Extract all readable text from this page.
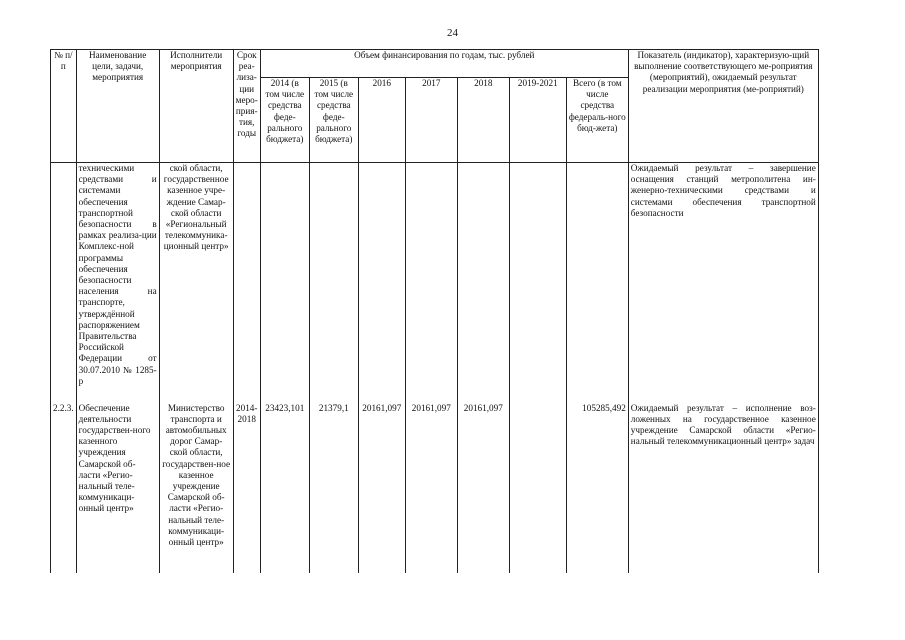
24
№ п/п	Наименование цели, задачи, мероприятия	Исполнители мероприятия	Срок реа-лиза-ции меро-прия-тия, годы	Объем финансирования по годам, тыс. рублей							Показатель (индикатор), характеризую-щий выполнение соответствующего ме-роприятия (мероприятий), ожидаемый результат реализации мероприятия (ме-роприятий)
				2014 (в том числе средства феде-рального бюджета)	2015 (в том числе средства феде-рального бюджета)	2016	2017	2018	2019-2021	Всего (в том числе средства федераль-ного бюд-жета)	
	техническими средствами и системами обеспечения транспортной безопасности в рамках реализа-ции Комплекс-ной программы обеспечения безопасности населения на транспорте, утверждённой распоряжением Правительства Российской Федерации от 30.07.2010 № 1285-р	ской области, государственное казенное учре-ждение Самар-ской области «Региональный телекоммуника-ционный центр»									Ожидаемый результат – завершение оснащения станций метрополитена ин-женерно-техническими средствами и системами обеспечения транспортной безопасности
2.2.3.	Обеспечение деятельности государствен-ного казенного учреждения Самарской об-ласти «Регио-нальный теле-коммуникаци-онный центр»	Министерство транспорта и автомобильных дорог Самар-ской области, государствен-ное казенное учреждение Самарской об-ласти «Регио-нальный теле-коммуникаци-онный центр»	2014-2018	23423,101	21379,1	20161,097	20161,097	20161,097		105285,492	Ожидаемый результат – исполнение воз-ложенных на государственное казенное учреждение Самарской области «Регио-нальный телекоммуникационный центр» задач
